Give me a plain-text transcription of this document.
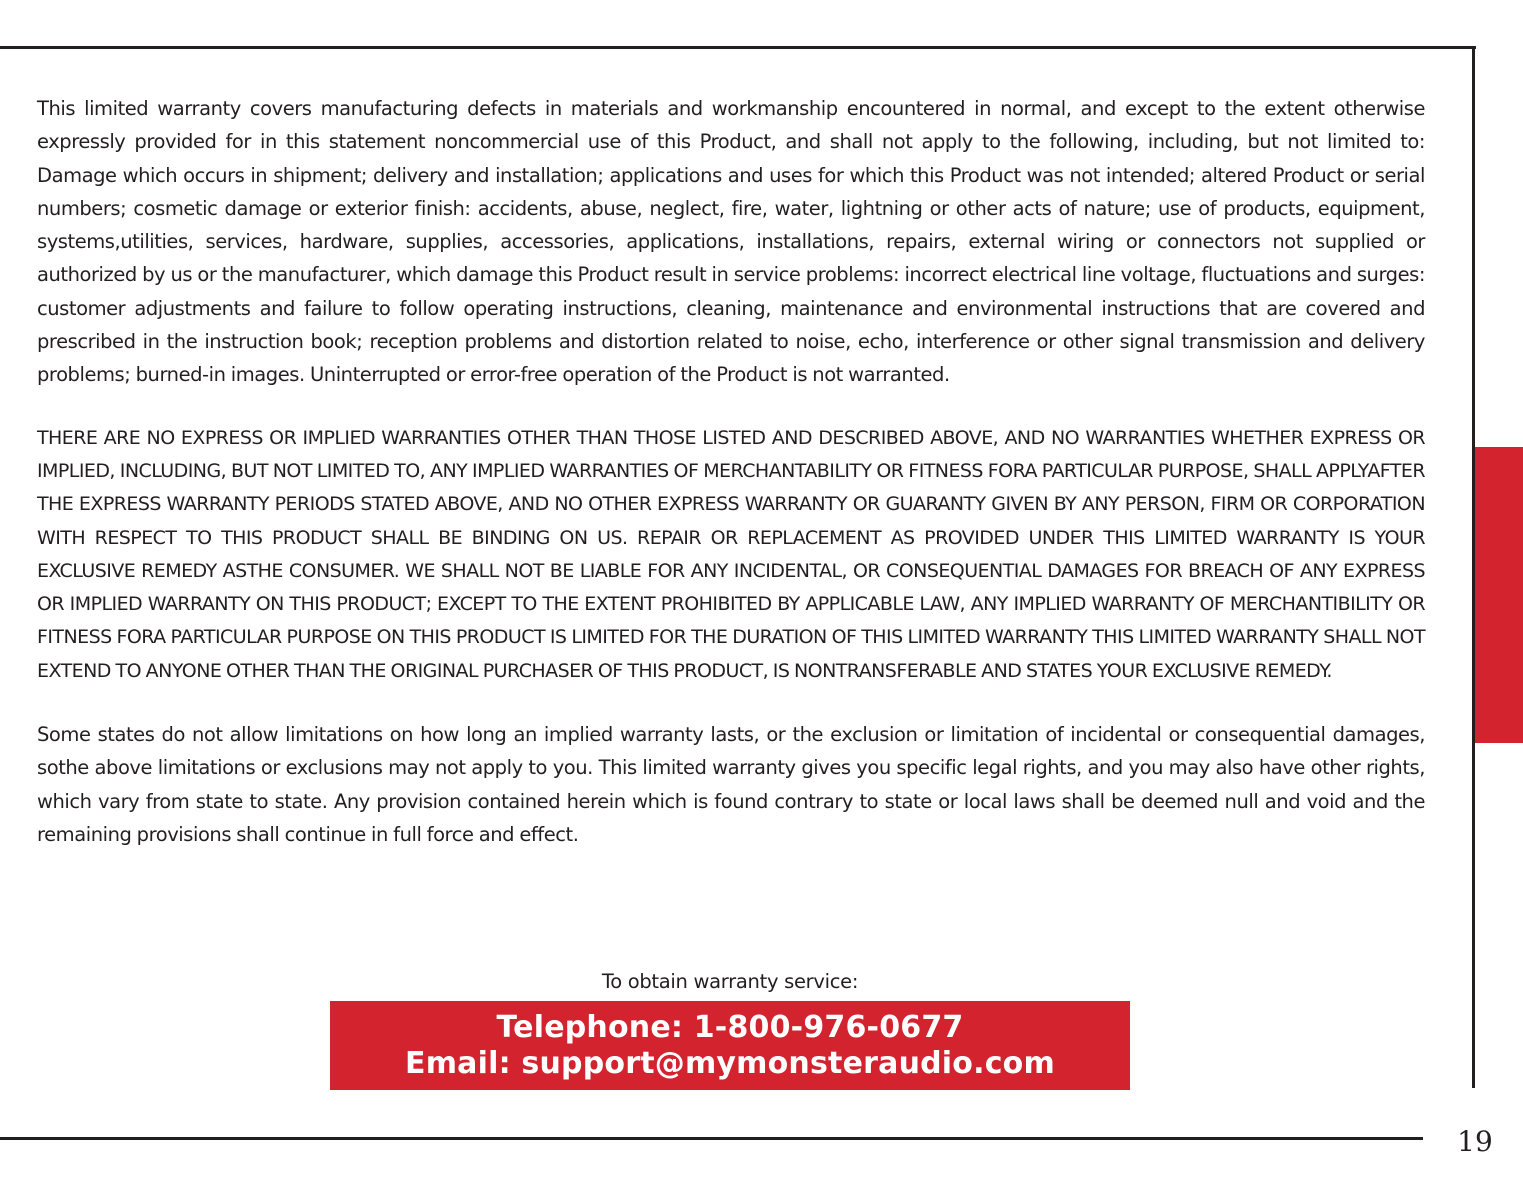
This limited warranty covers manufacturing defects in materials and workmanship encountered in normal, and except to the extent otherwise expressly provided for in this statement noncommercial use of this Product, and shall not apply to the following, including, but not limited to: Damage which occurs in shipment; delivery and installation; applications and uses for which this Product was not intended; altered Product or serial numbers; cosmetic damage or exterior finish: accidents, abuse, neglect, fire, water, lightning or other acts of nature; use of products, equipment, systems,utilities, services, hardware, supplies, accessories, applications, installations, repairs, external wiring or connectors not supplied or authorized by us or the manufacturer, which damage this Product result in service problems: incorrect electrical line voltage, fluctuations and surges: customer adjustments and failure to follow operating instructions, cleaning, maintenance and environmental instructions that are covered and prescribed in the instruction book; reception problems and distortion related to noise, echo, interference or other signal transmission and delivery problems; burned-in images. Uninterrupted or error-free operation of the Product is not warranted.

THERE ARE NO EXPRESS OR IMPLIED WARRANTIES OTHER THAN THOSE LISTED AND DESCRIBED ABOVE, AND NO WARRANTIES WHETHER EXPRESS OR IMPLIED, INCLUDING, BUT NOT LIMITED TO, ANY IMPLIED WARRANTIES OF MERCHANTABILITY OR FITNESS FORA PARTICULAR PURPOSE, SHALL APPLYAFTER THE EXPRESS WARRANTY PERIODS STATED ABOVE, AND NO OTHER EXPRESS WARRANTY OR GUARANTY GIVEN BY ANY PERSON, FIRM OR CORPORATION WITH RESPECT TO THIS PRODUCT SHALL BE BINDING ON US. REPAIR OR REPLACEMENT AS PROVIDED UNDER THIS LIMITED WARRANTY IS YOUR EXCLUSIVE REMEDY ASTHE CONSUMER. WE SHALL NOT BE LIABLE FOR ANY INCIDENTAL, OR CONSEQUENTIAL DAMAGES FOR BREACH OF ANY EXPRESS OR IMPLIED WARRANTY ON THIS PRODUCT; EXCEPT TO THE EXTENT PROHIBITED BY APPLICABLE LAW, ANY IMPLIED WARRANTY OF MERCHANTIBILITY OR FITNESS FORA PARTICULAR PURPOSE ON THIS PRODUCT IS LIMITED FOR THE DURATION OF THIS LIMITED WARRANTY THIS LIMITED WARRANTY SHALL NOT EXTEND TO ANYONE OTHER THAN THE ORIGINAL PURCHASER OF THIS PRODUCT, IS NONTRANSFERABLE AND STATES YOUR EXCLUSIVE REMEDY.

Some states do not allow limitations on how long an implied warranty lasts, or the exclusion or limitation of incidental or consequential damages, sothe above limitations or exclusions may not apply to you. This limited warranty gives you specific legal rights, and you may also have other rights, which vary from state to state. Any provision contained herein which is found contrary to state or local laws shall be deemed null and void and the remaining provisions shall continue in full force and effect.

To obtain warranty service:
Telephone: 1-800-976-0677
Email: support@mymonsteraudio.com
19
